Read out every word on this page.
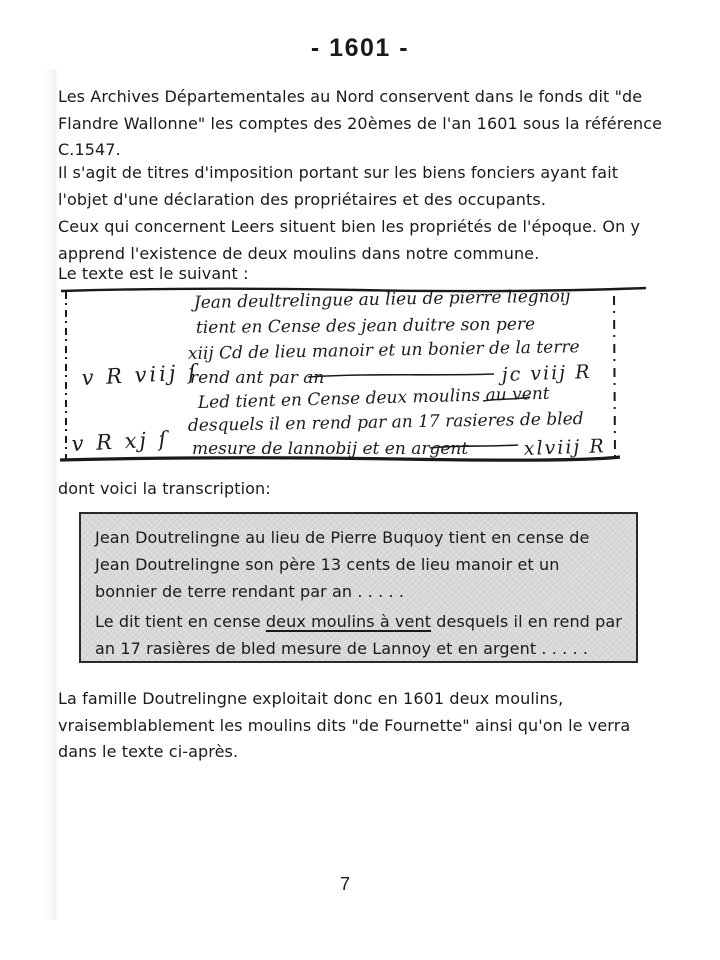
- 1601 -

Les Archives Départementales au Nord conservent dans le fonds dit "de Flandre Wallonne" les comptes des 20èmes de l'an 1601 sous la référence C.1547.

Il s'agit de titres d'imposition portant sur les biens fonciers ayant fait l'objet d'une déclaration des propriétaires et des occupants.

Ceux qui concernent Leers situent bien les propriétés de l'époque. On y apprend l'existence de deux moulins dans notre commune.

Le texte est le suivant :

Jean deultrelingue au lieu de pierre liegnoij
tient en Cense des jean duitre son pere
xiij Cd de lieu manoir et un bonier de la terre
rend ant par an	jc viij R
Led tient en Cense deux moulins au vent
desquels il en rend par an 17 rasieres de bled
mesure de lannobij et en argent	xlviij R
v R viij ſ
v R xj ſ

dont voici la transcription:

Jean Doutrelingne au lieu de Pierre Buquoy tient en cense de Jean Doutrelingne son père 13 cents de lieu manoir et un bonnier de terre rendant par an . . . . .

Le dit tient en cense deux moulins à vent desquels il en rend par an 17 rasières de bled mesure de Lannoy et en argent . . . . .

La famille Doutrelingne exploitait donc en 1601 deux moulins, vraisemblablement les moulins dits "de Fournette" ainsi qu'on le verra dans le texte ci-après.

7
